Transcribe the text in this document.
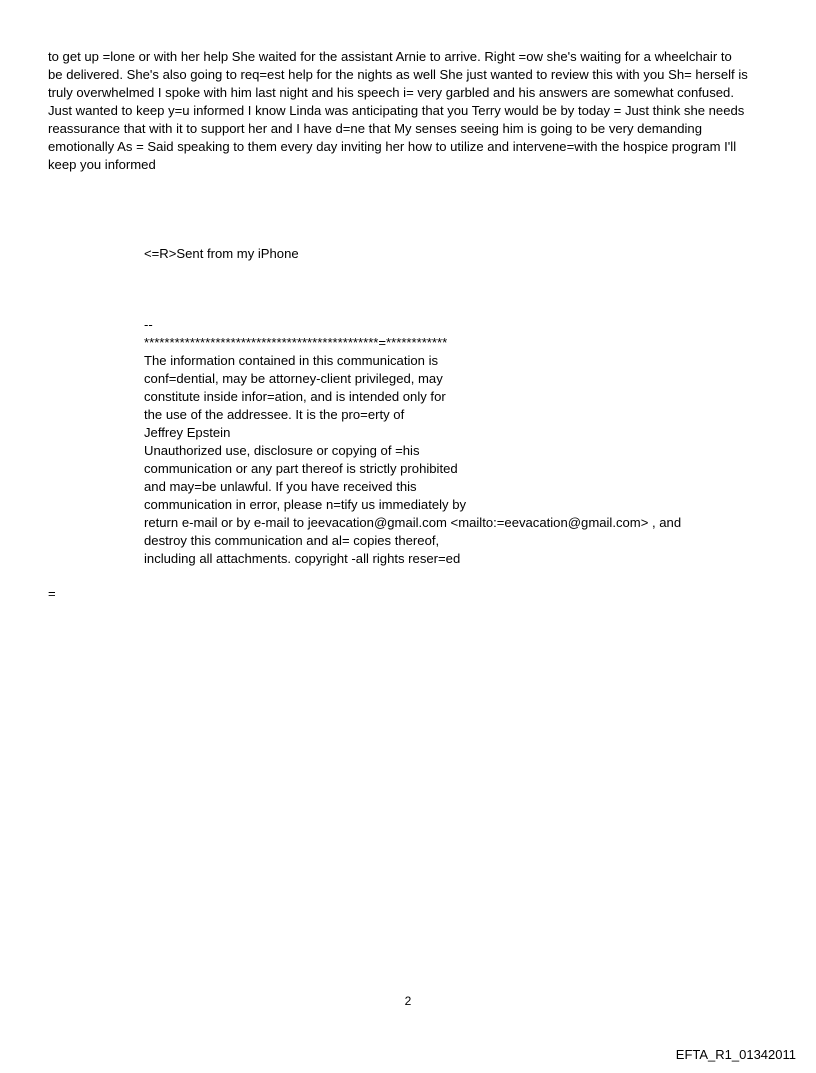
to get up =lone or with her help She waited for the assistant Arnie to arrive. Right =ow she's waiting for a wheelchair to
be delivered. She's also going to req=est help for the nights as well She just wanted to review this with you Sh= herself is
truly overwhelmed I spoke with him last night and his speech i= very garbled and his answers are somewhat confused.
Just wanted to keep y=u informed I know Linda was anticipating that you Terry would be by today = Just think she needs
reassurance that with it to support her and I have d=ne that My senses seeing him is going to be very demanding
emotionally As = Said speaking to them every day inviting her how to utilize and intervene=with the hospice program I'll
keep you informed
<=R>Sent from my iPhone
--
**********************************************=************
The information contained in this communication is
conf=dential, may be attorney-client privileged, may
constitute inside infor=ation, and is intended only for
the use of the addressee. It is the pro=erty of
Jeffrey Epstein
Unauthorized use, disclosure or copying of =his
communication or any part thereof is strictly prohibited
and may=be unlawful. If you have received this
communication in error, please n=tify us immediately by
return e-mail or by e-mail to jeevacation@gmail.com <mailto:=eevacation@gmail.com> , and
destroy this communication and al= copies thereof,
including all attachments. copyright -all rights reser=ed
=
2
EFTA_R1_01342011
